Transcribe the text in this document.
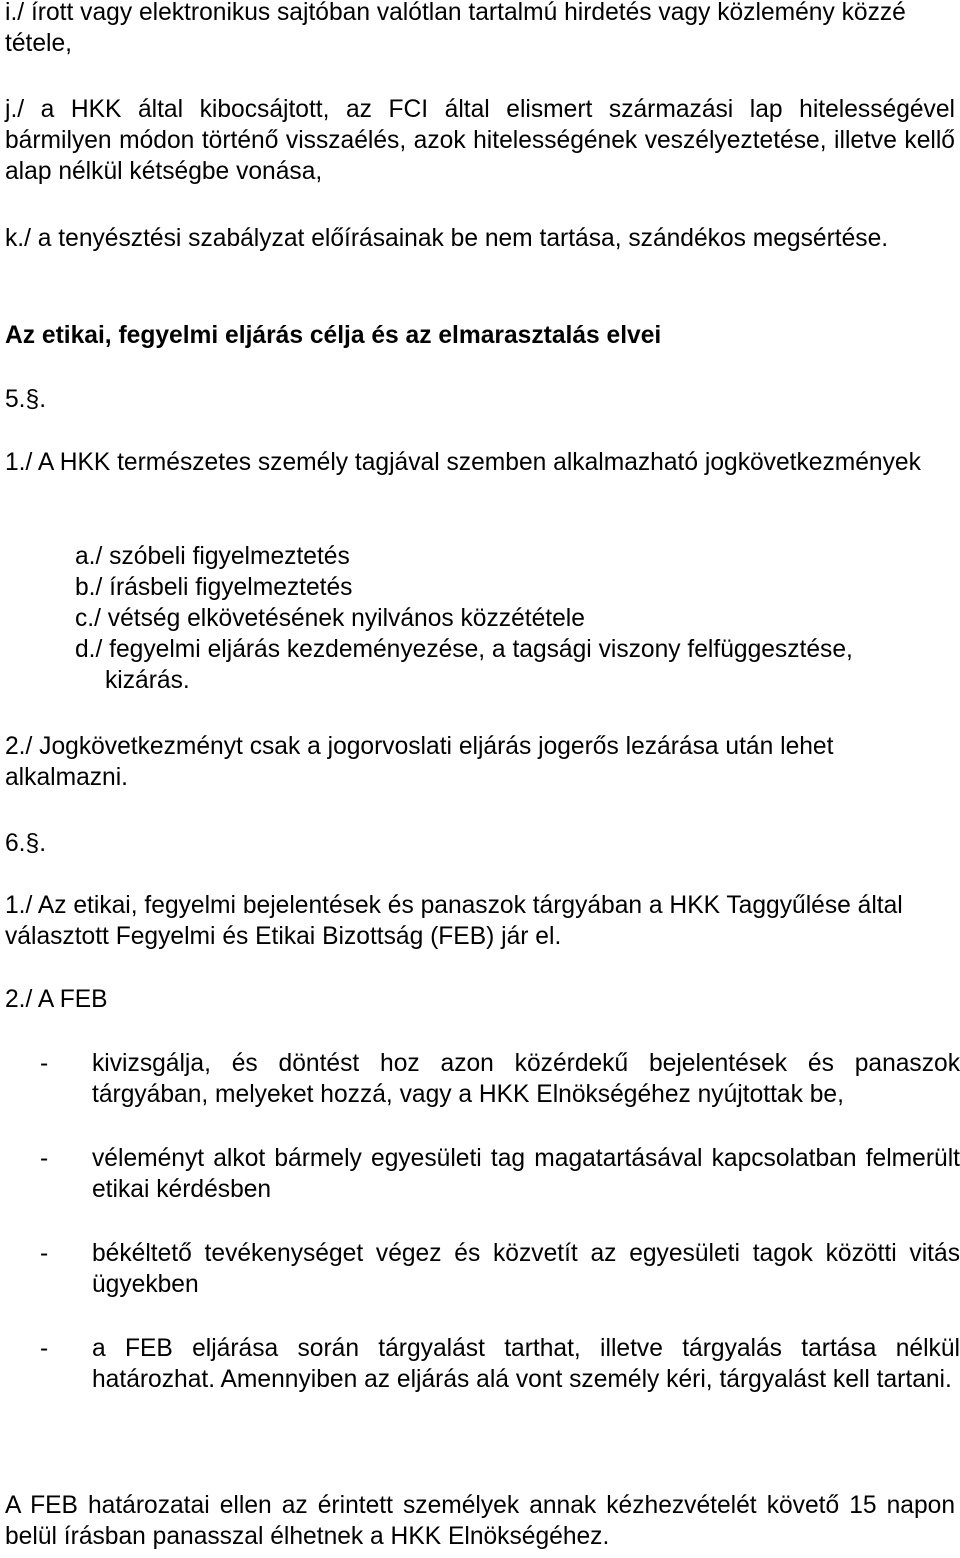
i./ írott vagy elektronikus sajtóban valótlan tartalmú hirdetés vagy közlemény közzé tétele,

j./ a HKK által kibocsájtott, az FCI által elismert származási lap hitelességével bármilyen módon történő visszaélés, azok hitelességének veszélyeztetése, illetve kellő alap nélkül kétségbe vonása,

k./ a tenyésztési szabályzat előírásainak be nem tartása, szándékos megsértése.

Az etikai, fegyelmi eljárás célja és az elmarasztalás elvei

5.§.

1./ A HKK természetes személy tagjával szemben alkalmazható jogkövetkezmények

a./ szóbeli figyelmeztetés
b./ írásbeli figyelmeztetés
c./ vétség elkövetésének nyilvános közzététele
d./ fegyelmi eljárás kezdeményezése, a tagsági viszony felfüggesztése,
kizárás.

2./ Jogkövetkezményt csak a jogorvoslati eljárás jogerős lezárása után lehet alkalmazni.

6.§.

1./ Az etikai, fegyelmi bejelentések és panaszok tárgyában a HKK Taggyűlése által választott Fegyelmi és Etikai Bizottság (FEB) jár el.

2./ A FEB

- kivizsgálja, és döntést hoz azon közérdekű bejelentések és panaszok tárgyában, melyeket hozzá, vagy a HKK Elnökségéhez nyújtottak be,
- véleményt alkot bármely egyesületi tag magatartásával kapcsolatban felmerült etikai kérdésben
- békéltető tevékenységet végez és közvetít az egyesületi tagok közötti vitás ügyekben
- a FEB eljárása során tárgyalást tarthat, illetve tárgyalás tartása nélkül határozhat. Amennyiben az eljárás alá vont személy kéri, tárgyalást kell tartani.

A FEB határozatai ellen az érintett személyek annak kézhezvételét követő 15 napon belül írásban panasszal élhetnek a HKK Elnökségéhez.
